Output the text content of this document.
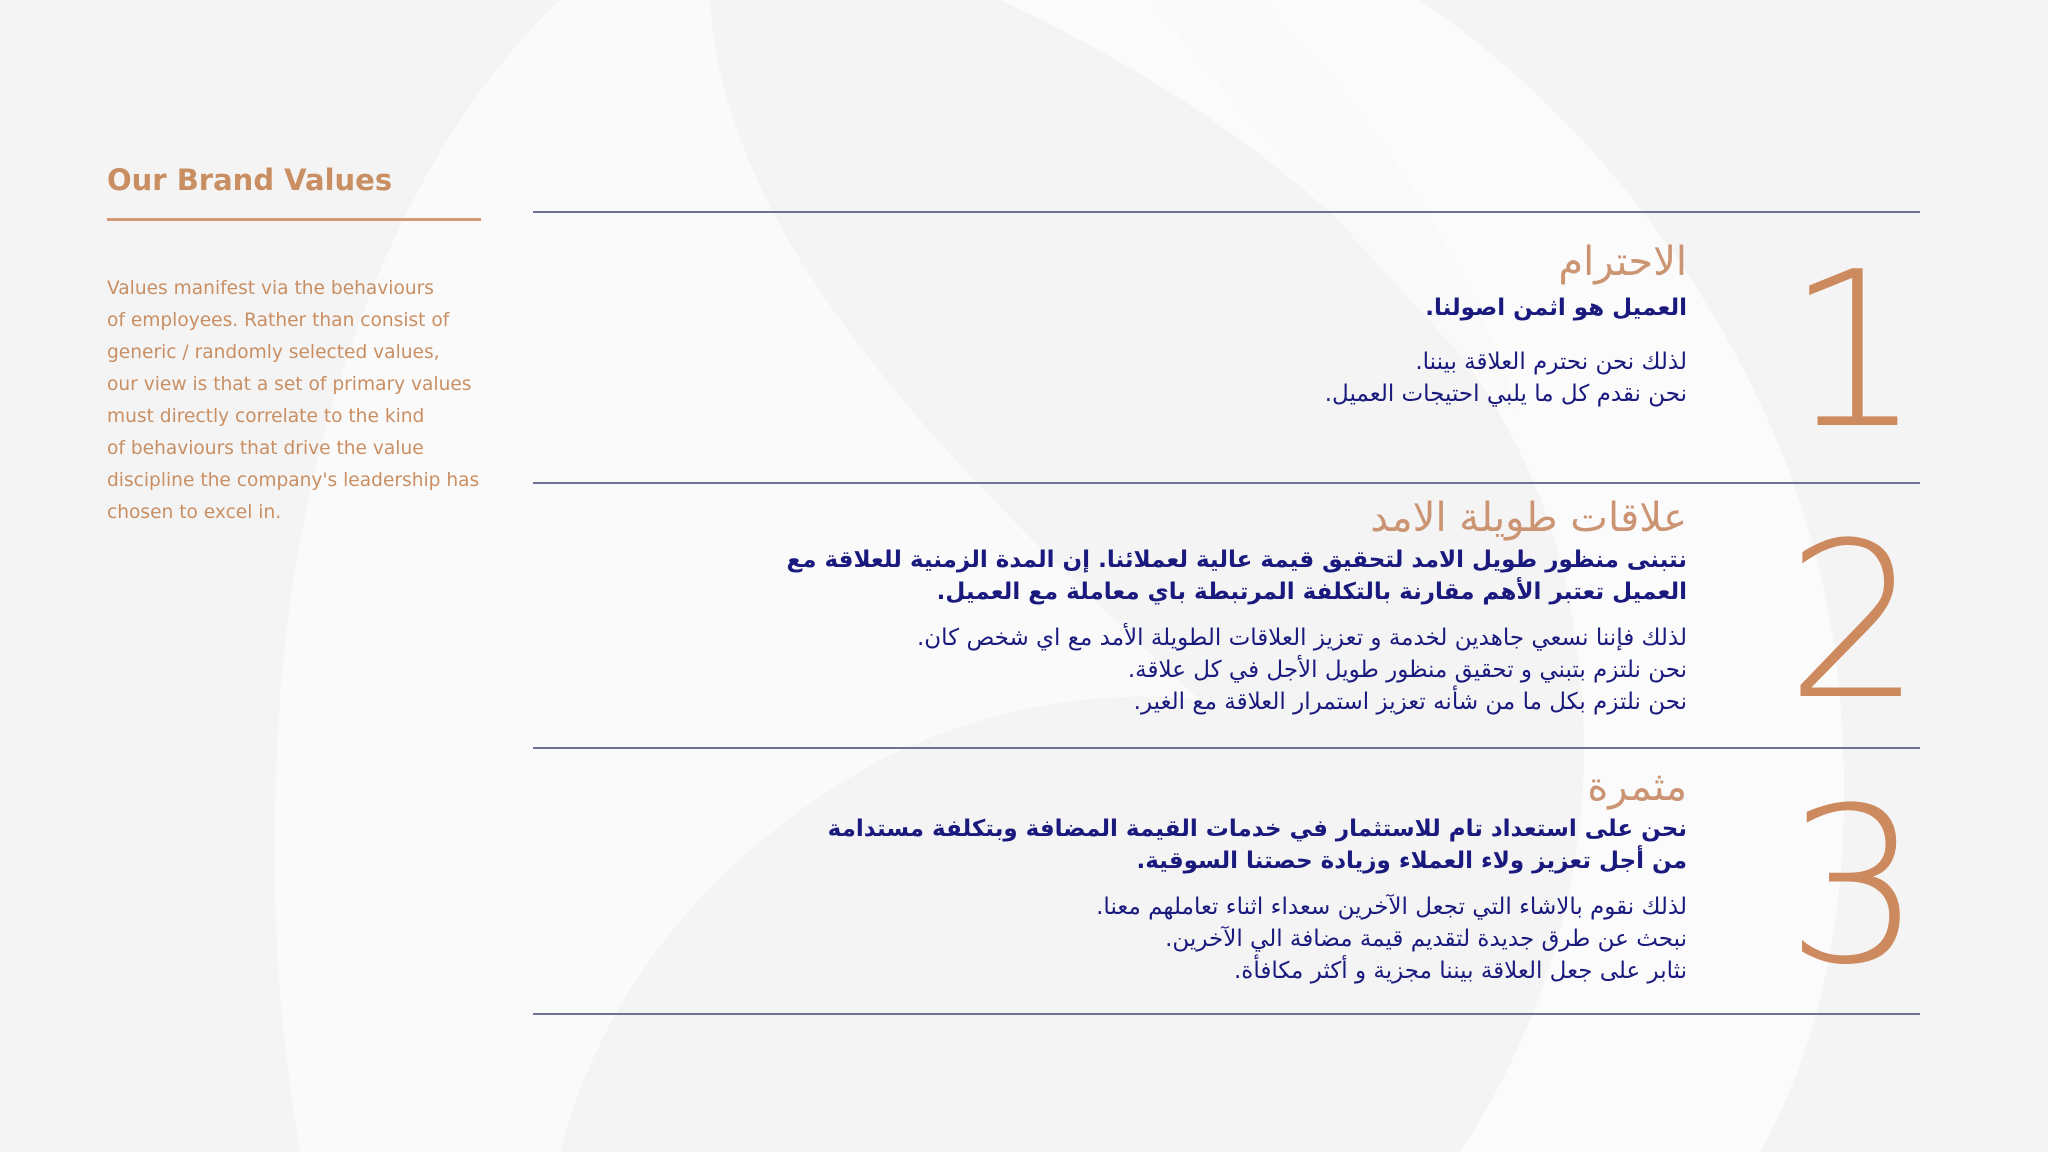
Our Brand Values
Values manifest via the behaviours
of employees. Rather than consist of
generic / randomly selected values,
our view is that a set of primary values
must directly correlate to the kind
of behaviours that drive the value
discipline the company's leadership has
chosen to excel in.
1
الاحترام
العميل هو اثمن اصولنا.
لذلك نحن نحترم العلاقة بيننا.
نحن نقدم كل ما يلبي احتيجات العميل.
2
علاقات طويلة الامد
نتبنى منظور طويل الامد لتحقيق قيمة عالية لعملائنا. إن المدة الزمنية للعلاقة مع
العميل تعتبر الأهم مقارنة بالتكلفة المرتبطة باي معاملة مع العميل.
لذلك فإننا نسعي جاهدين لخدمة و تعزيز العلاقات الطويلة الأمد مع اي شخص كان.
نحن نلتزم بتبني و تحقيق منظور طويل الأجل في كل علاقة.
نحن نلتزم بكل ما من شأنه تعزيز استمرار العلاقة مع الغير.
3
مثمرة
نحن على استعداد تام للاستثمار في خدمات القيمة المضافة وبتكلفة مستدامة
من أجل تعزيز ولاء العملاء وزيادة حصتنا السوقية.
لذلك نقوم بالاشاء التي تجعل الآخرين سعداء اثناء تعاملهم معنا.
نبحث عن طرق جديدة لتقديم قيمة مضافة الي الآخرين.
نثابر على جعل العلاقة بيننا مجزية و أكثر مكافأة.
